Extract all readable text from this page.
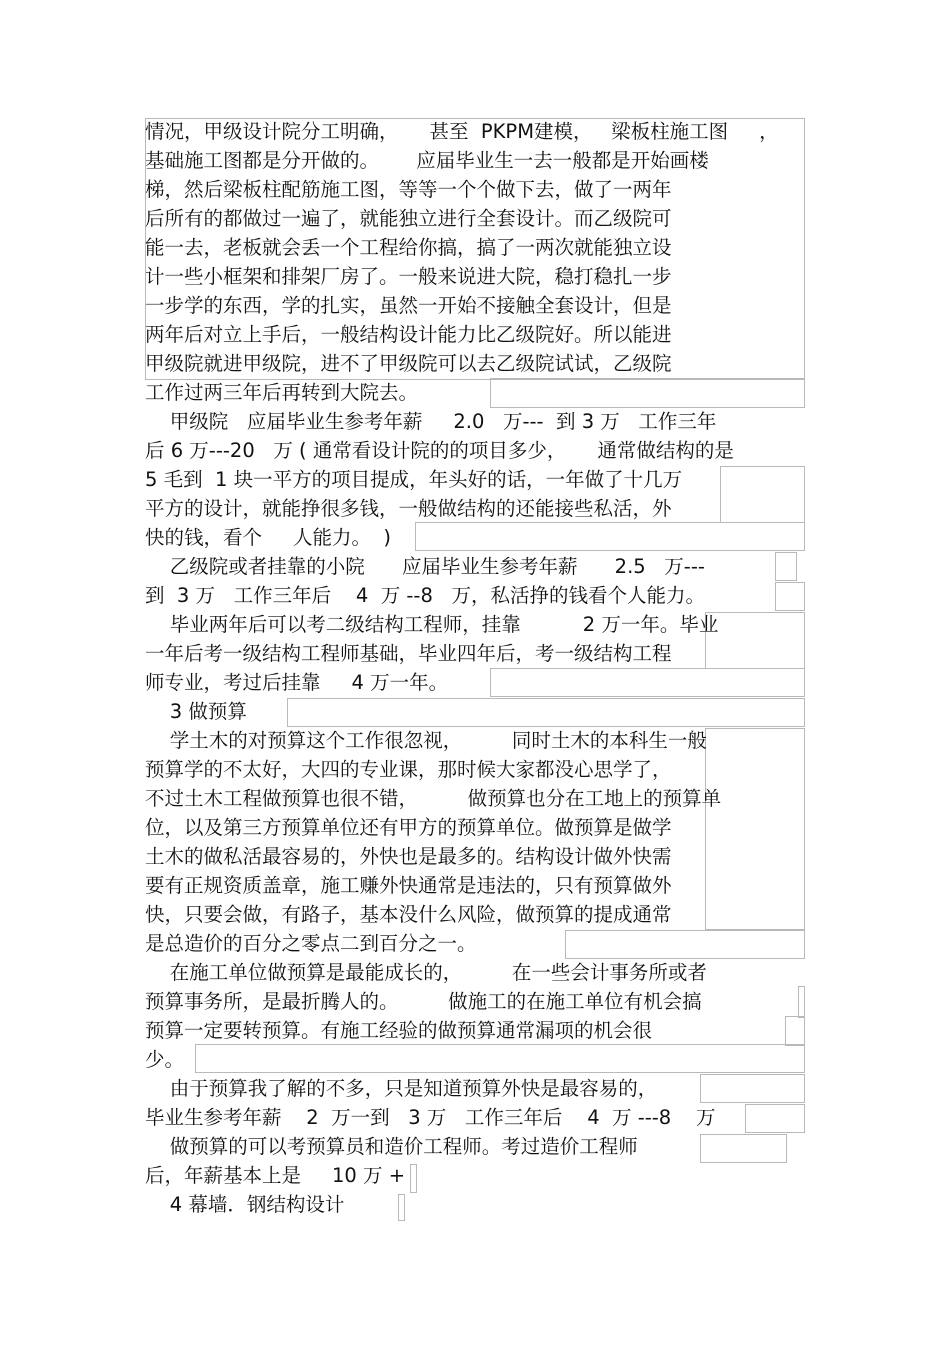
情况，甲级设计院分工明确，     甚至  PKPM建模，   梁板柱施工图     ，

基础施工图都是分开做的。      应届毕业生一去一般都是开始画楼

梯，然后梁板柱配筋施工图，等等一个个做下去，做了一两年

后所有的都做过一遍了，就能独立进行全套设计。而乙级院可

能一去，老板就会丢一个工程给你搞，搞了一两次就能独立设

计一些小框架和排架厂房了。一般来说进大院，稳打稳扎一步

一步学的东西，学的扎实，虽然一开始不接触全套设计，但是

两年后对立上手后，一般结构设计能力比乙级院好。所以能进

甲级院就进甲级院，进不了甲级院可以去乙级院试试，乙级院

工作过两三年后再转到大院去。

甲级院   应届毕业生参考年薪     2.0   万---  到 3 万   工作三年

后 6 万---20   万 ( 通常看设计院的的项目多少，     通常做结构的是

5 毛到  1 块一平方的项目提成，年头好的话，一年做了十几万

平方的设计，就能挣很多钱，一般做结构的还能接些私活，外

快的钱，看个     人能力。  )

乙级院或者挂靠的小院      应届毕业生参考年薪      2.5   万---

到  3 万   工作三年后    4  万 --8   万，私活挣的钱看个人能力。

毕业两年后可以考二级结构工程师，挂靠          2 万一年。毕业

一年后考一级结构工程师基础，毕业四年后，考一级结构工程

师专业，考过后挂靠     4 万一年。

3 做预算

学土木的对预算这个工作很忽视，        同时土木的本科生一般

预算学的不太好，大四的专业课，那时候大家都没心思学了，

不过土木工程做预算也很不错，        做预算也分在工地上的预算单

位，以及第三方预算单位还有甲方的预算单位。做预算是做学

土木的做私活最容易的，外快也是最多的。结构设计做外快需

要有正规资质盖章，施工赚外快通常是违法的，只有预算做外

快，只要会做，有路子，基本没什么风险，做预算的提成通常

是总造价的百分之零点二到百分之一。

在施工单位做预算是最能成长的，        在一些会计事务所或者

预算事务所，是最折腾人的。        做施工的在施工单位有机会搞

预算一定要转预算。有施工经验的做预算通常漏项的机会很

少。

由于预算我了解的不多，只是知道预算外快是最容易的，

毕业生参考年薪    2  万一到   3 万   工作三年后    4  万 ---8    万

做预算的可以考预算员和造价工程师。考过造价工程师

后，年薪基本上是     10 万 +

4 幕墙．钢结构设计
